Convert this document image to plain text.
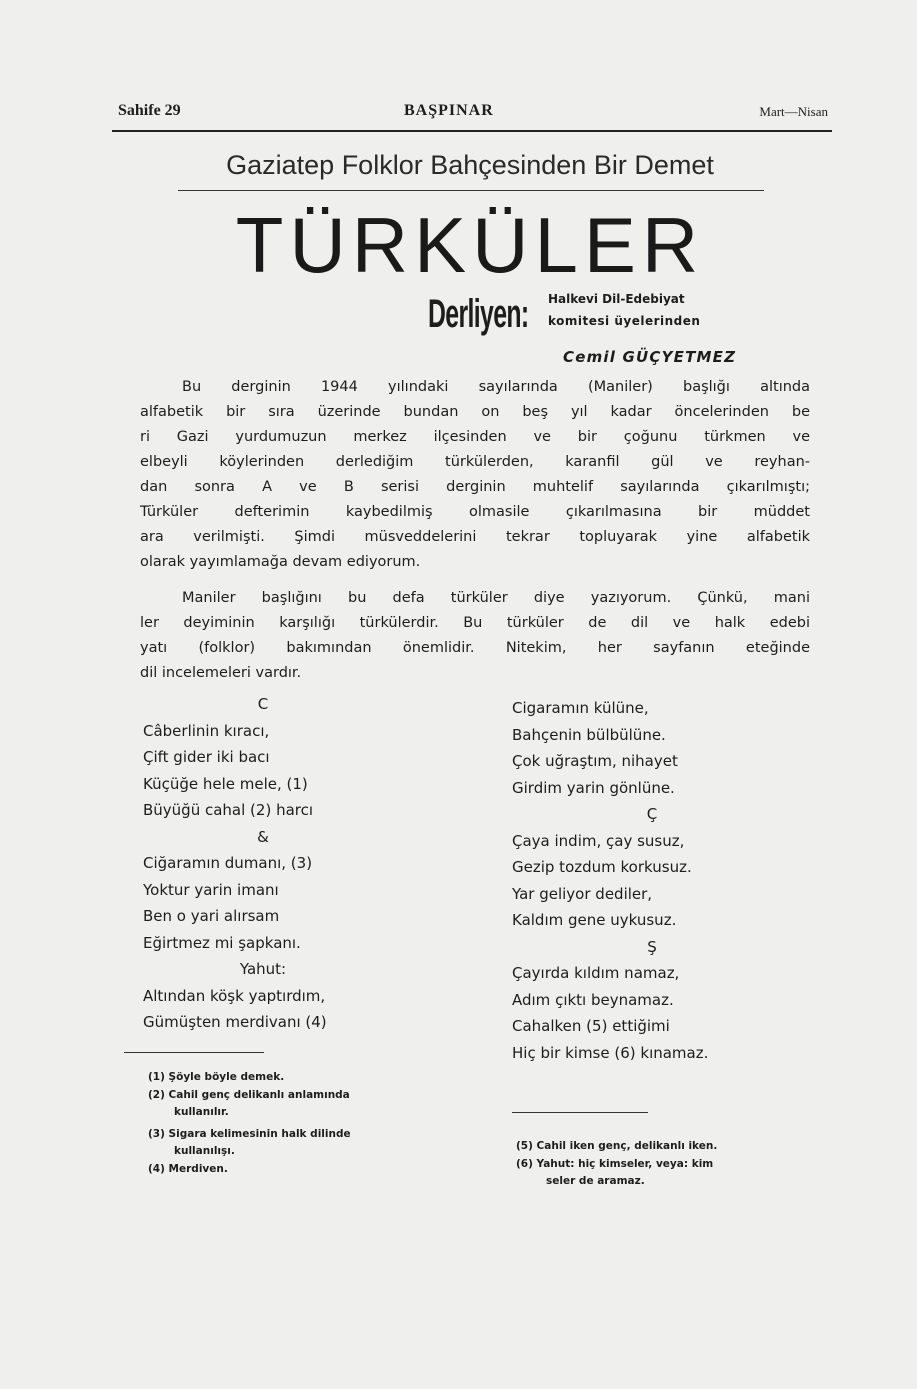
Sahife 29	BAŞPINAR	Mart—Nisan
Gaziatep Folklor Bahçesinden Bir Demet
TÜRKÜLER
Derliyen: Halkevi Dil-Edebiyat
komitesi üyelerinden
Cemil GÜÇYETMEZ
Bu derginin 1944 yılındaki sayılarında (Maniler) başlığı altında
alfabetik bir sıra üzerinde bundan on beş yıl kadar öncelerinden be
ri Gazi yurdumuzun merkez ilçesinden ve bir çoğunu türkmen ve
elbeyli köylerinden derlediğim türkülerden, karanfil gül ve reyhan-
dan sonra A ve B serisi derginin muhtelif sayılarında çıkarılmıştı;
Türküler defterimin kaybedilmiş olmasile çıkarılmasına bir müddet
ara verilmişti. Şimdi müsveddelerini tekrar topluyarak yine alfabetik
olarak yayımlamağa devam ediyorum.
Maniler başlığını bu defa türküler diye yazıyorum. Çünkü, mani
ler deyiminin karşılığı türkülerdir. Bu türküler de dil ve halk edebi
yatı (folklor) bakımından önemlidir. Nitekim, her sayfanın eteğinde
dil incelemeleri vardır.
C
Câberlinin kıracı,
Çift gider iki bacı
Küçüğe hele mele, (1)
Büyüğü cahal (2) harcı
&
Ciğaramın dumanı, (3)
Yoktur yarin imanı
Ben o yari alırsam
Eğirtmez mi şapkanı.
Yahut:
Altından köşk yaptırdım,
Gümüşten merdivanı (4)
Cigaramın külüne,
Bahçenin bülbülüne.
Çok uğraştım, nihayet
Girdim yarin gönlüne.
Ç
Çaya indim, çay susuz,
Gezip tozdum korkusuz.
Yar geliyor dediler,
Kaldım gene uykusuz.
Ş
Çayırda kıldım namaz,
Adım çıktı beynamaz.
Cahalken (5) ettiğimi
Hiç bir kimse (6) kınamaz.
(1) Şöyle böyle demek.
(2) Cahil genç delikanlı anlamında
kullanılır.
(3) Sigara kelimesinin halk dilinde
kullanılışı.
(4) Merdiven.
(5) Cahil iken genç, delikanlı iken.
(6) Yahut: hiç kimseler, veya: kim
seler de aramaz.
